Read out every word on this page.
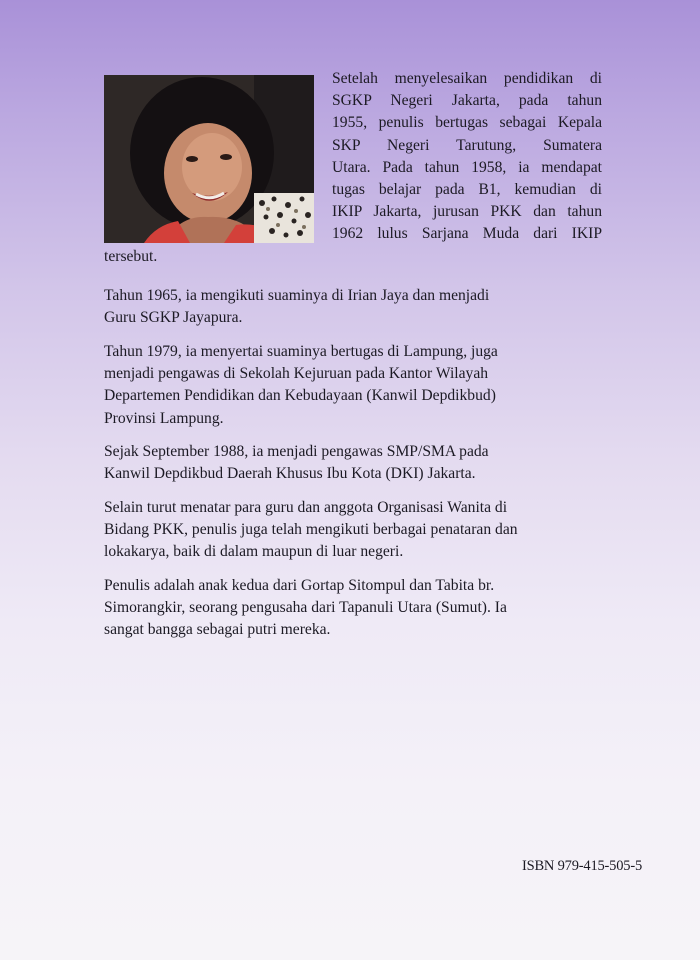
Setelah menyelesaikan pendidikan di
SGKP Negeri Jakarta, pada tahun
1955, penulis bertugas sebagai Kepala
SKP Negeri Tarutung, Sumatera
Utara. Pada tahun 1958, ia mendapat
tugas belajar pada B1, kemudian di
IKIP Jakarta, jurusan PKK dan tahun
1962 lulus Sarjana Muda dari IKIP

tersebut.

Tahun 1965, ia mengikuti suaminya di Irian Jaya dan menjadi
Guru SGKP Jayapura.

Tahun 1979, ia menyertai suaminya bertugas di Lampung, juga
menjadi pengawas di Sekolah Kejuruan pada Kantor Wilayah
Departemen Pendidikan dan Kebudayaan (Kanwil Depdikbud)
Provinsi Lampung.

Sejak September 1988, ia menjadi pengawas SMP/SMA pada
Kanwil Depdikbud Daerah Khusus Ibu Kota (DKI) Jakarta.

Selain turut menatar para guru dan anggota Organisasi Wanita di
Bidang PKK, penulis juga telah mengikuti berbagai penataran dan
lokakarya, baik di dalam maupun di luar negeri.

Penulis adalah anak kedua dari Gortap Sitompul dan Tabita br.
Simorangkir, seorang pengusaha dari Tapanuli Utara (Sumut). Ia
sangat bangga sebagai putri mereka.

ISBN 979-415-505-5
